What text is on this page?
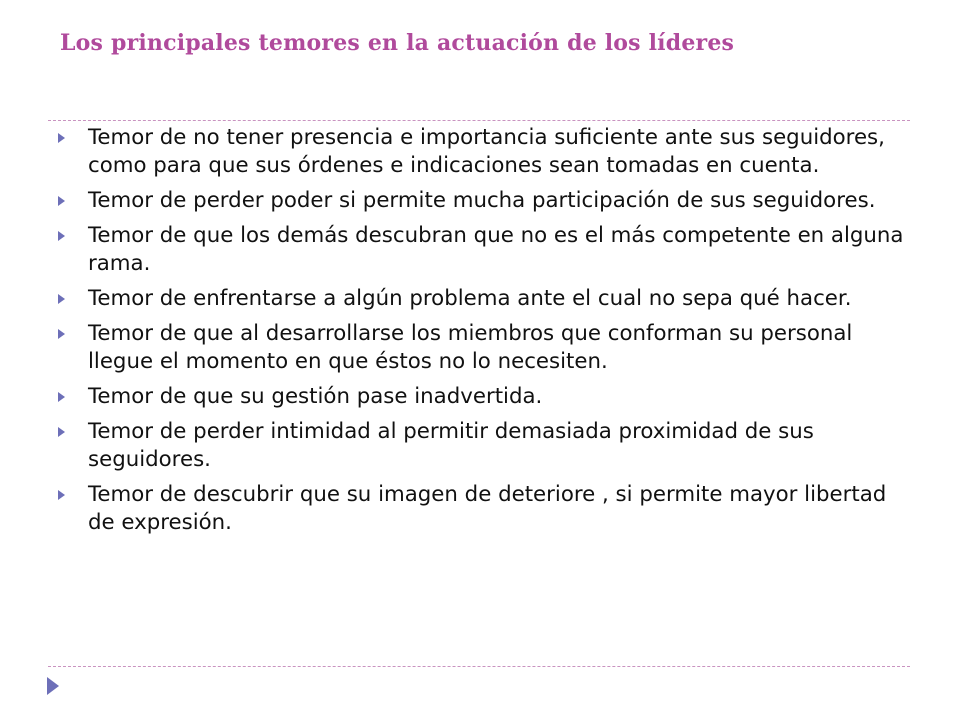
Los principales temores en la actuación de los líderes
Temor de no tener presencia e importancia suficiente ante sus seguidores, como para que sus órdenes e indicaciones sean tomadas en cuenta.
Temor de perder poder si permite mucha participación de sus seguidores.
Temor de que los demás descubran que no es el más competente en alguna rama.
Temor de enfrentarse a algún problema ante el cual no sepa qué hacer.
Temor de que al desarrollarse los miembros que conforman su personal llegue el momento en que éstos no lo necesiten.
Temor de que su gestión pase inadvertida.
Temor de perder intimidad al permitir demasiada proximidad de sus seguidores.
Temor de descubrir que su imagen de deteriore , si permite mayor libertad de expresión.
